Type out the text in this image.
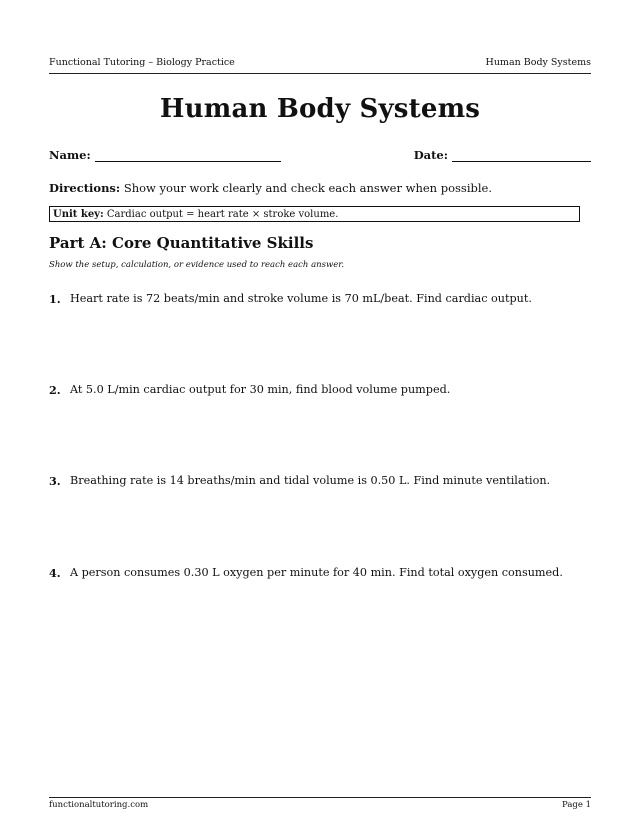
Functional Tutoring – Biology Practice	Human Body Systems
Human Body Systems
Name:	Date:
Directions: Show your work clearly and check each answer when possible.
Unit key: Cardiac output = heart rate × stroke volume.
Part A: Core Quantitative Skills
Show the setup, calculation, or evidence used to reach each answer.
1. Heart rate is 72 beats/min and stroke volume is 70 mL/beat. Find cardiac output.
2. At 5.0 L/min cardiac output for 30 min, find blood volume pumped.
3. Breathing rate is 14 breaths/min and tidal volume is 0.50 L. Find minute ventilation.
4. A person consumes 0.30 L oxygen per minute for 40 min. Find total oxygen consumed.
functionaltutoring.com	Page 1
